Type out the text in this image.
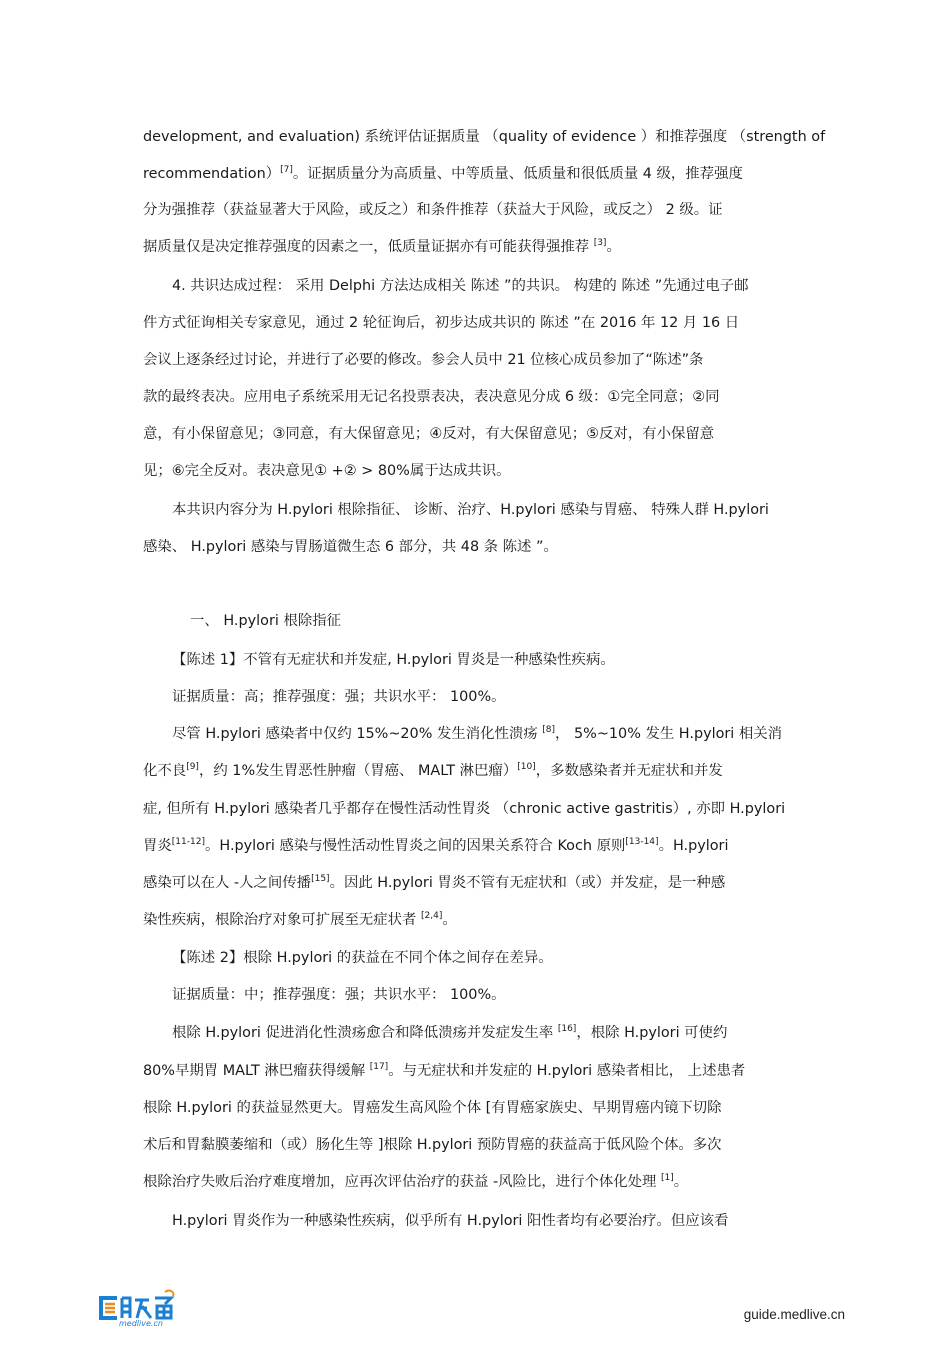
development, and evaluation) 系统评估证据质量 （quality of evidence ）和推荐强度 （strength of
recommendation）[7]。证据质量分为高质量、中等质量、低质量和很低质量 4 级，推荐强度
分为强推荐（获益显著大于风险，或反之）和条件推荐（获益大于风险，或反之） 2 级。证
据质量仅是决定推荐强度的因素之一，低质量证据亦有可能获得强推荐 [3]。
4. 共识达成过程： 采用 Delphi 方法达成相关 陈述 ”的共识。 构建的 陈述 ”先通过电子邮
件方式征询相关专家意见，通过 2 轮征询后，初步达成共识的 陈述 ”在 2016 年 12 月 16 日
会议上逐条经过讨论，并进行了必要的修改。参会人员中 21 位核心成员参加了“陈述”条
款的最终表决。应用电子系统采用无记名投票表决，表决意见分成 6 级：①完全同意；②同
意，有小保留意见；③同意，有大保留意见；④反对，有大保留意见；⑤反对，有小保留意
见；⑥完全反对。表决意见① +② > 80%属于达成共识。
本共识内容分为 H.pylori 根除指征、 诊断、治疗、H.pylori 感染与胃癌、 特殊人群 H.pylori
感染、 H.pylori 感染与胃肠道微生态 6 部分，共 48 条 陈述 ”。
一、 H.pylori 根除指征
【陈述 1】不管有无症状和并发症, H.pylori 胃炎是一种感染性疾病。
证据质量：高；推荐强度：强；共识水平： 100%。
尽管 H.pylori 感染者中仅约 15%~20% 发生消化性溃疡 [8]， 5%~10% 发生 H.pylori 相关消
化不良[9]，约 1%发生胃恶性肿瘤（胃癌、 MALT 淋巴瘤）[10]，多数感染者并无症状和并发
症, 但所有 H.pylori 感染者几乎都存在慢性活动性胃炎 （chronic active gastritis）, 亦即 H.pylori
胃炎[11-12]。H.pylori 感染与慢性活动性胃炎之间的因果关系符合 Koch 原则[13-14]。H.pylori
感染可以在人 -人之间传播[15]。因此 H.pylori 胃炎不管有无症状和（或）并发症，是一种感
染性疾病，根除治疗对象可扩展至无症状者 [2,4]。
【陈述 2】根除 H.pylori 的获益在不同个体之间存在差异。
证据质量：中；推荐强度：强；共识水平： 100%。
根除 H.pylori 促进消化性溃疡愈合和降低溃疡并发症发生率 [16]，根除 H.pylori 可使约
80%早期胃 MALT 淋巴瘤获得缓解 [17]。与无症状和并发症的 H.pylori 感染者相比， 上述患者
根除 H.pylori 的获益显然更大。胃癌发生高风险个体 [有胃癌家族史、早期胃癌内镜下切除
术后和胃黏膜萎缩和（或）肠化生等 ]根除 H.pylori 预防胃癌的获益高于低风险个体。多次
根除治疗失败后治疗难度增加，应再次评估治疗的获益 -风险比，进行个体化处理 [1]。
H.pylori 胃炎作为一种感染性疾病，似乎所有 H.pylori 阳性者均有必要治疗。但应该看
medlive.cn
guide.medlive.cn
